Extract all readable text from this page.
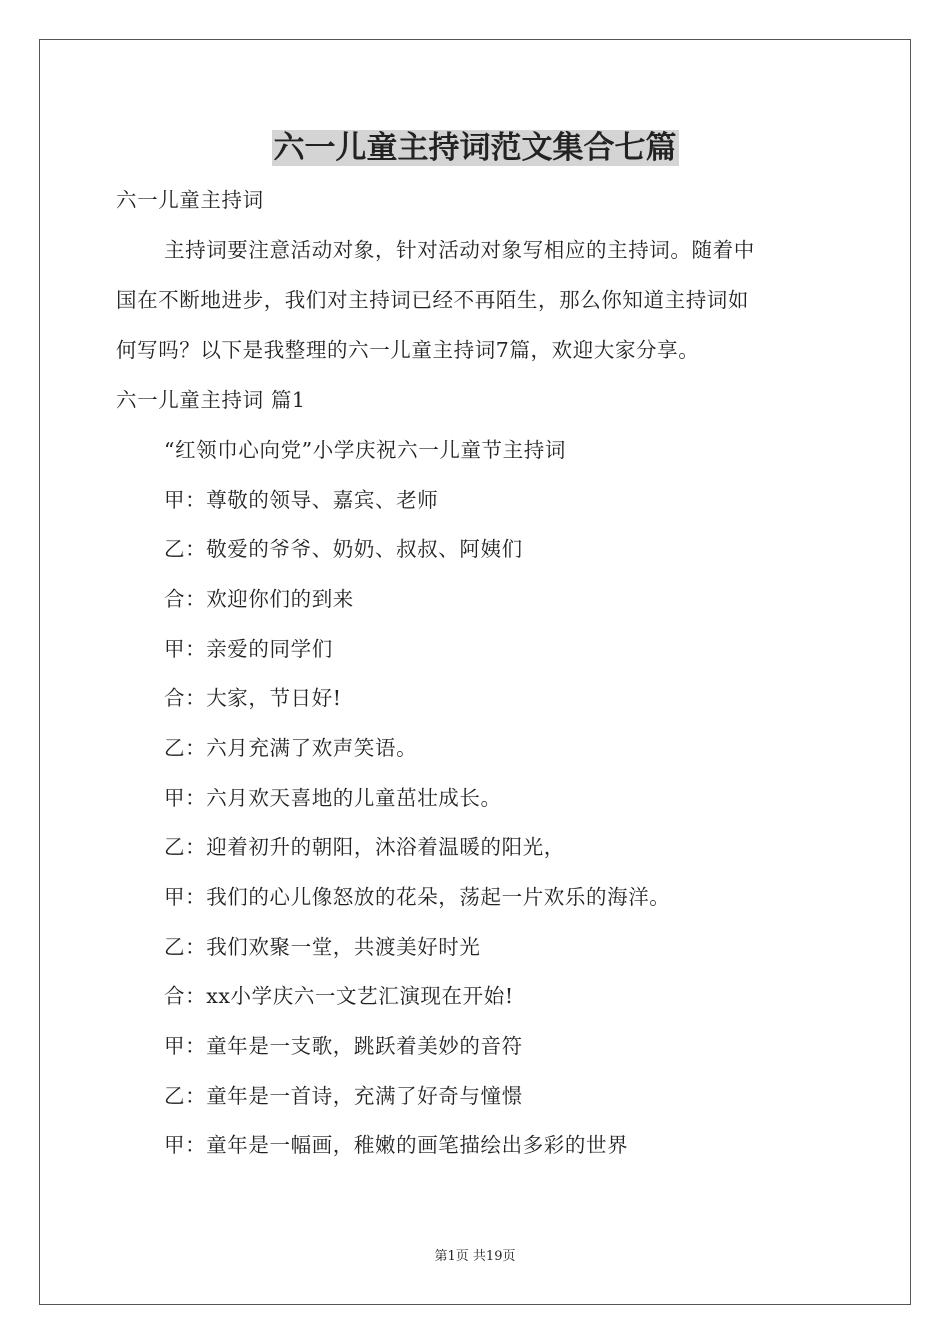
六一儿童主持词范文集合七篇

六一儿童主持词

主持词要注意活动对象，针对活动对象写相应的主持词。随着中

国在不断地进步，我们对主持词已经不再陌生，那么你知道主持词如

何写吗？以下是我整理的六一儿童主持词7篇，欢迎大家分享。

六一儿童主持词 篇1

“红领巾心向党”小学庆祝六一儿童节主持词

甲：尊敬的领导、嘉宾、老师

乙：敬爱的爷爷、奶奶、叔叔、阿姨们

合：欢迎你们的到来

甲：亲爱的同学们

合：大家，节日好!

乙：六月充满了欢声笑语。

甲：六月欢天喜地的儿童茁壮成长。

乙：迎着初升的朝阳，沐浴着温暖的阳光，

甲：我们的心儿像怒放的花朵，荡起一片欢乐的海洋。

乙：我们欢聚一堂，共渡美好时光

合：xx小学庆六一文艺汇演现在开始!

甲：童年是一支歌，跳跃着美妙的音符

乙：童年是一首诗，充满了好奇与憧憬

甲：童年是一幅画，稚嫩的画笔描绘出多彩的世界

第1页 共19页
